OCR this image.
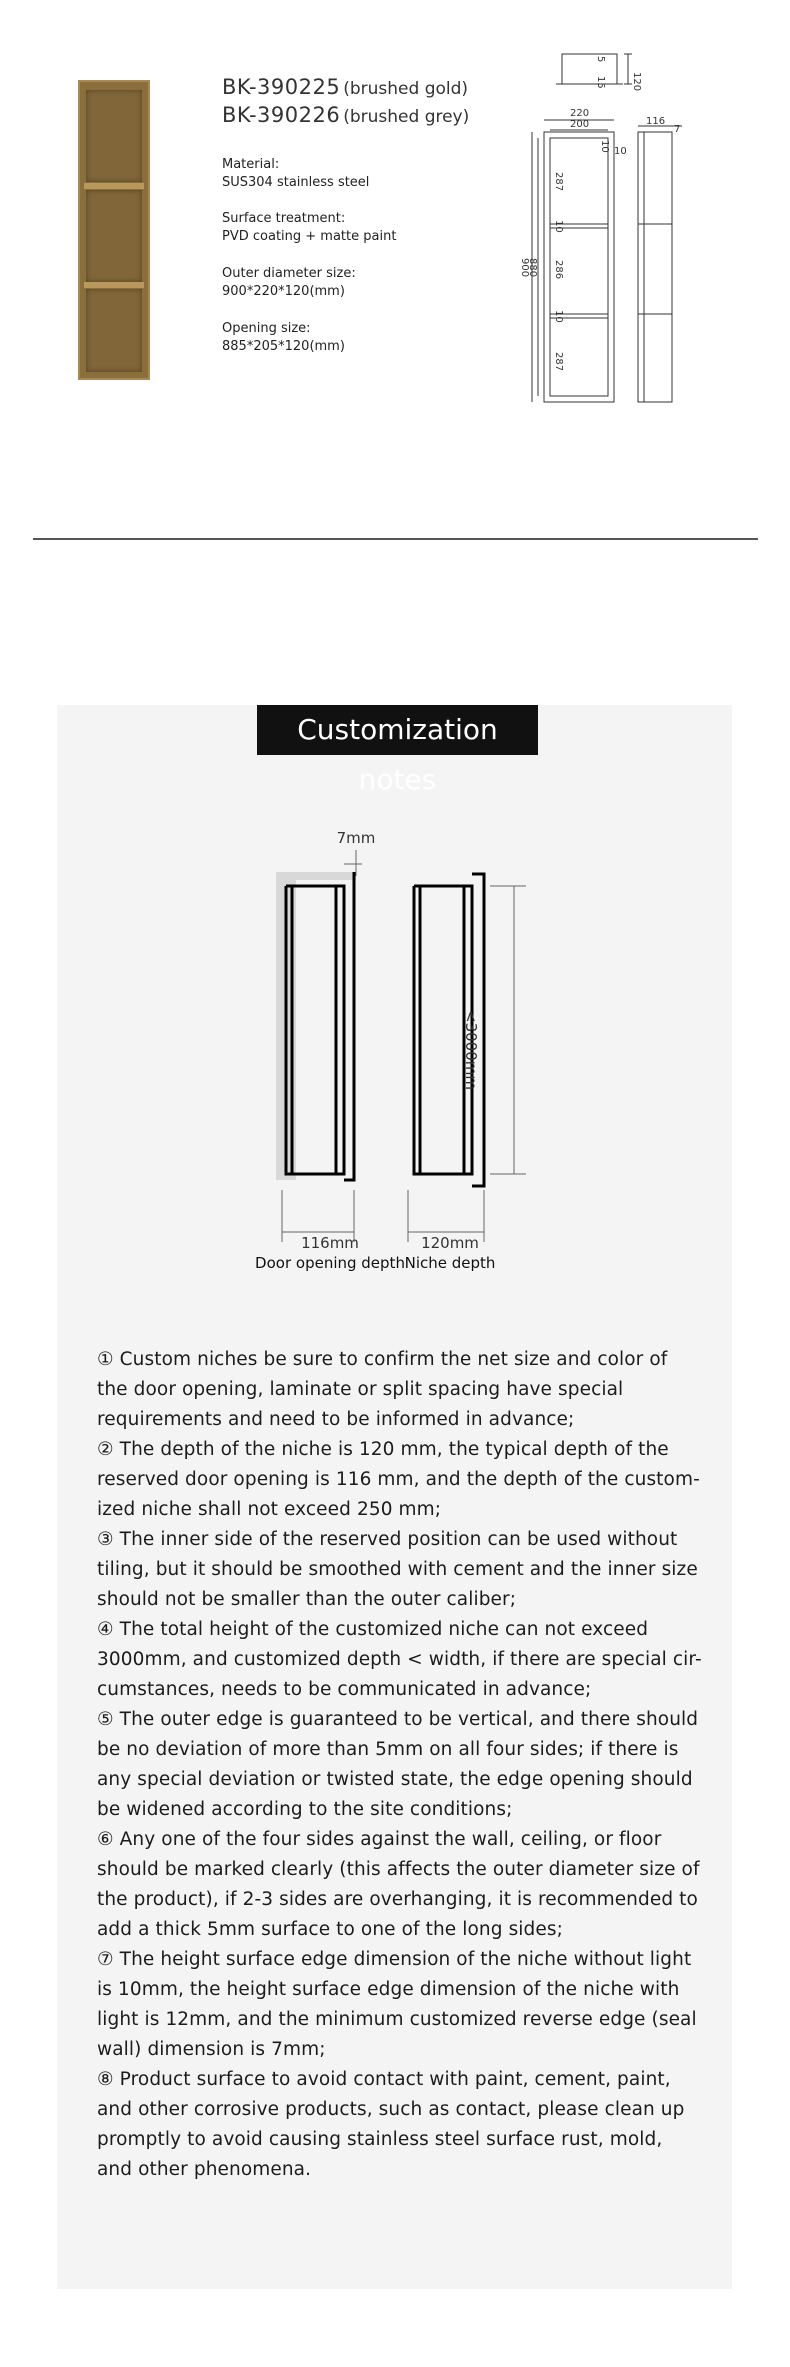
BK-390225 (brushed gold)
BK-390226 (brushed grey)
Material:
SUS304 stainless steel
Surface treatment:
PVD coating + matte paint
Outer diameter size:
900*220*120(mm)
Opening size:
885*205*120(mm)
120
15
5
220
200
900
880
10 10
287
10
286
10
287
116
7
Customization notes
7mm
<3000mm
116mm
Door opening depth
120mm
Niche depth
① Custom niches be sure to confirm the net size and color of
the door opening, laminate or split spacing have special
requirements and need to be informed in advance;
② The depth of the niche is 120 mm, the typical depth of the
reserved door opening is 116 mm, and the depth of the custom-
ized niche shall not exceed 250 mm;
③ The inner side of the reserved position can be used without
tiling, but it should be smoothed with cement and the inner size
should not be smaller than the outer caliber;
④ The total height of the customized niche can not exceed
3000mm, and customized depth < width, if there are special cir-
cumstances, needs to be communicated in advance;
⑤ The outer edge is guaranteed to be vertical, and there should
be no deviation of more than 5mm on all four sides; if there is
any special deviation or twisted state, the edge opening should
be widened according to the site conditions;
⑥ Any one of the four sides against the wall, ceiling, or floor
should be marked clearly (this affects the outer diameter size of
the product), if 2-3 sides are overhanging, it is recommended to
add a thick 5mm surface to one of the long sides;
⑦ The height surface edge dimension of the niche without light
is 10mm, the height surface edge dimension of the niche with
light is 12mm, and the minimum customized reverse edge (seal
wall) dimension is 7mm;
⑧ Product surface to avoid contact with paint, cement, paint,
and other corrosive products, such as contact, please clean up
promptly to avoid causing stainless steel surface rust, mold,
and other phenomena.
